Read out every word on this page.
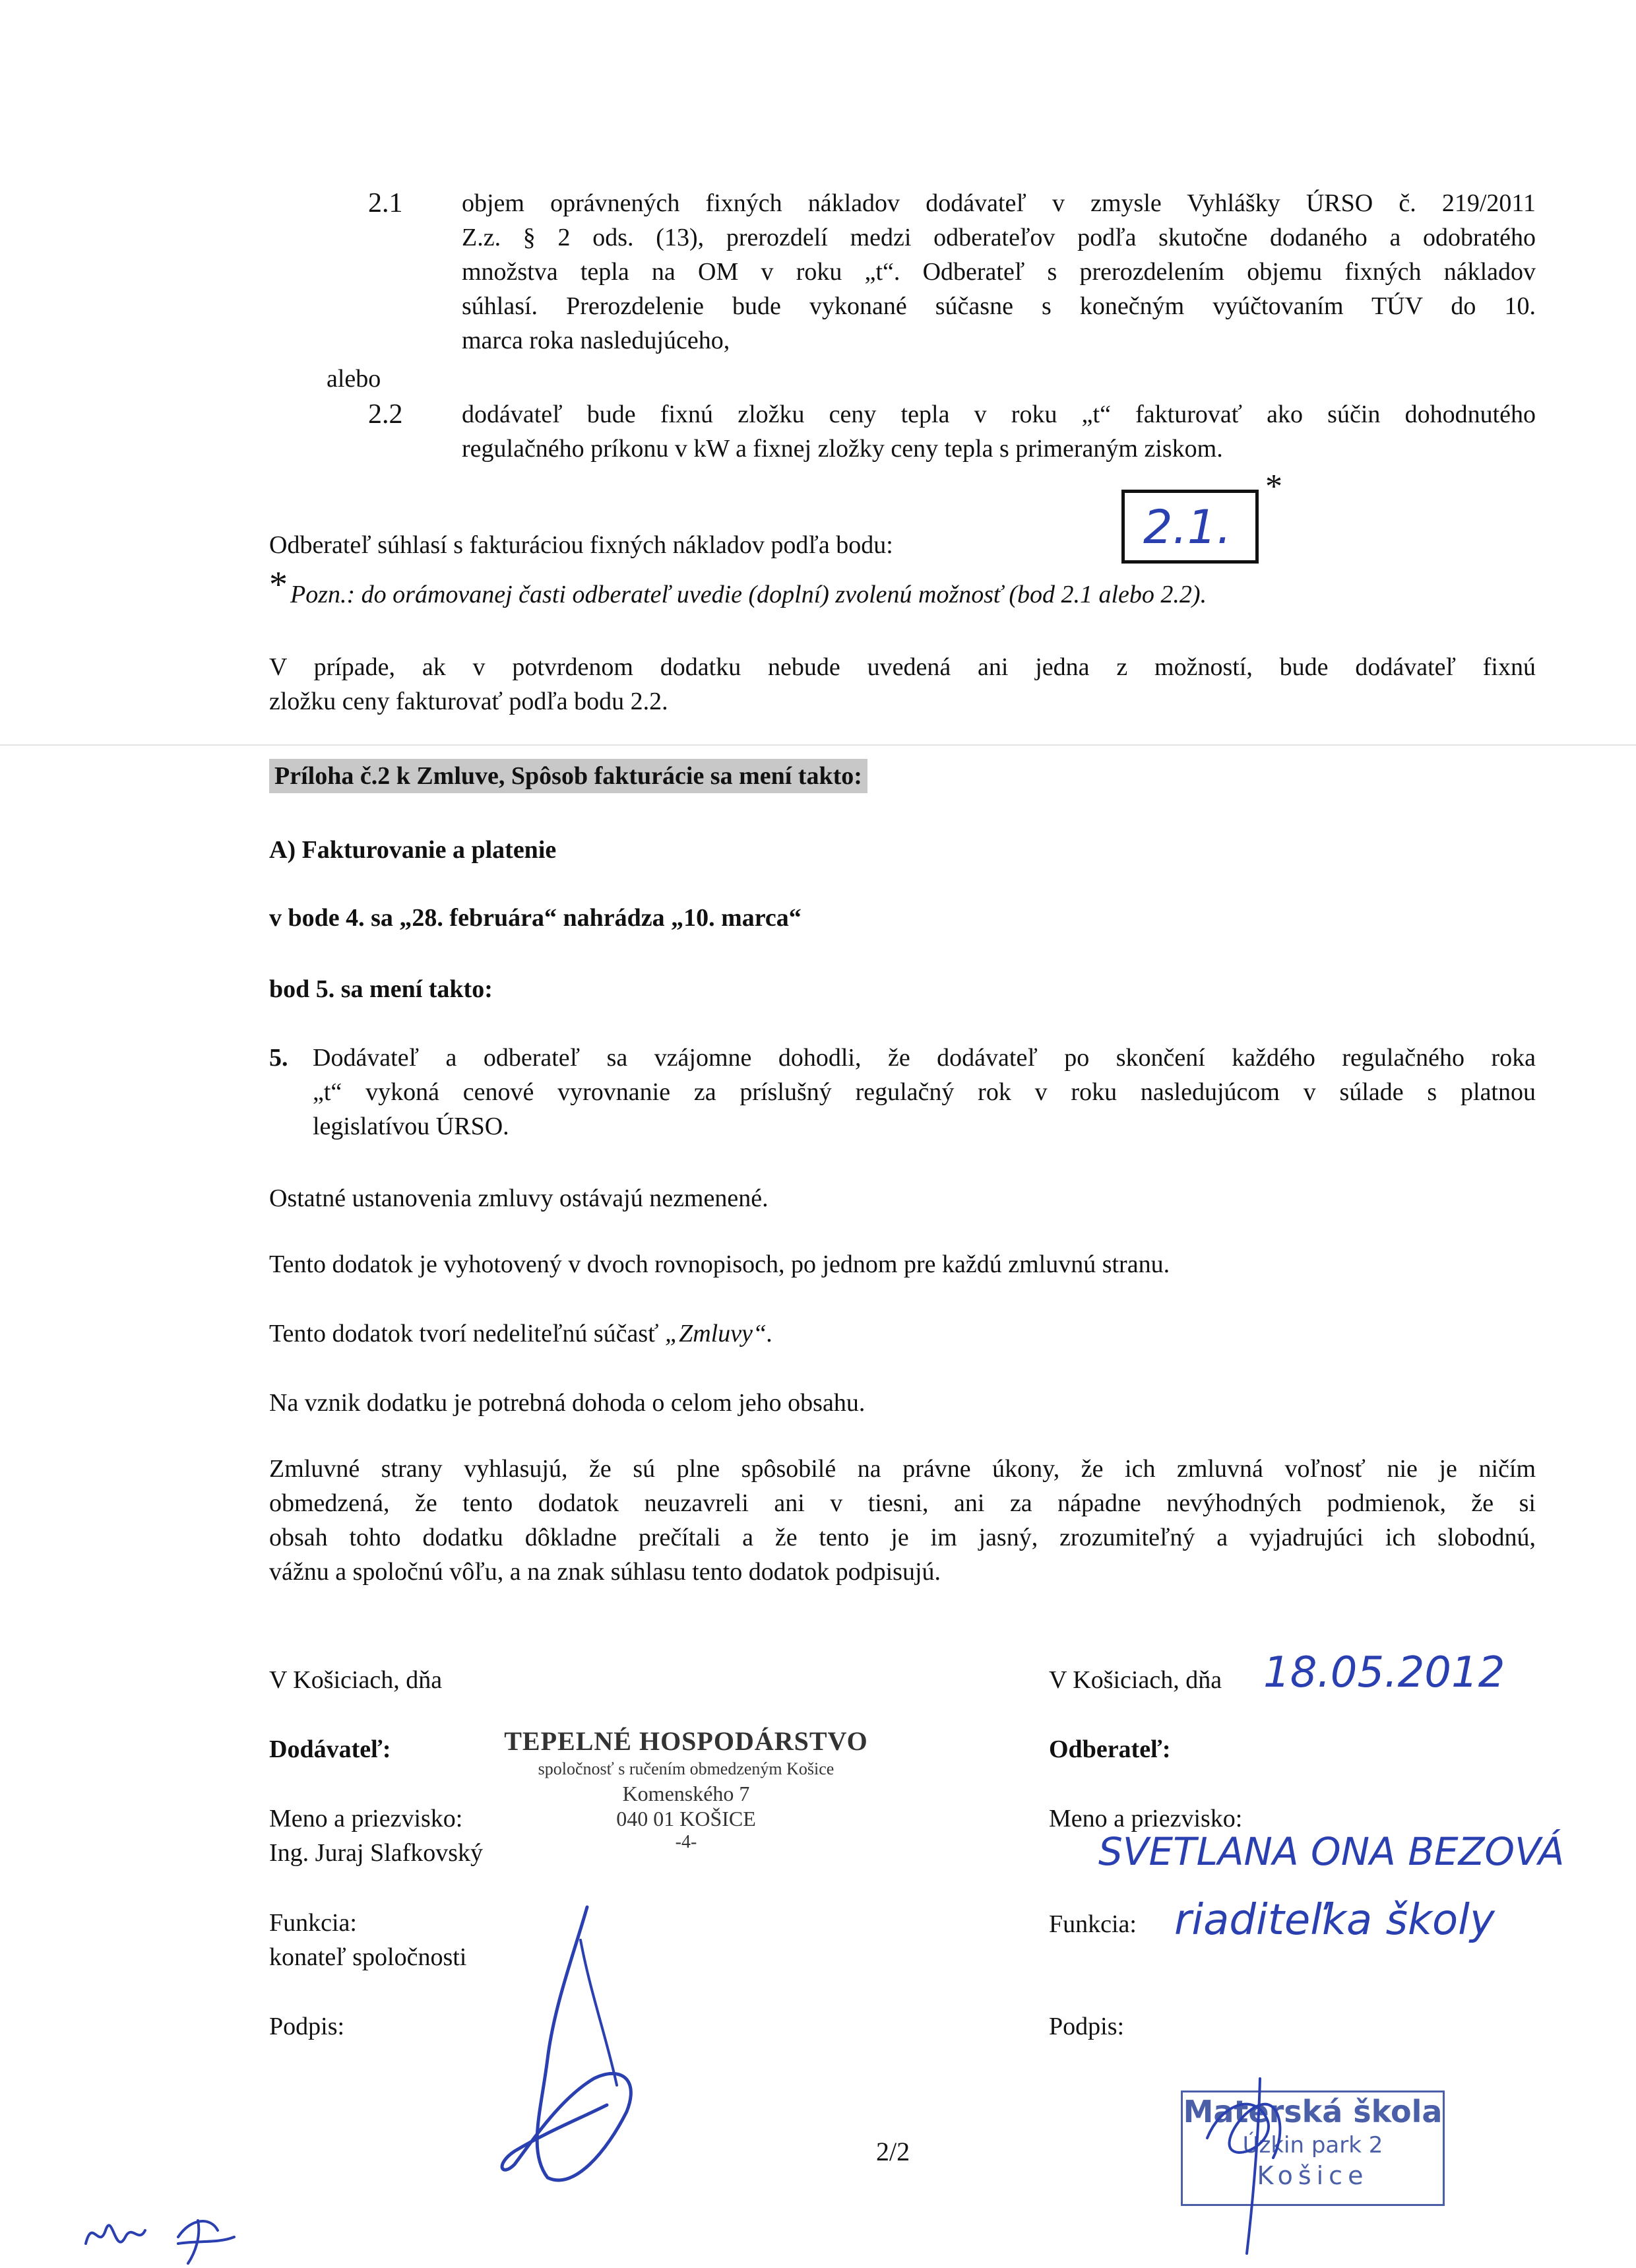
2.1 objem oprávnených fixných nákladov dodávateľ v zmysle Vyhlášky ÚRSO č. 219/2011
Z.z. § 2 ods. (13), prerozdelí medzi odberateľov podľa skutočne dodaného a odobratého
množstva tepla na OM v roku „t“. Odberateľ s prerozdelením objemu fixných nákladov
súhlasí. Prerozdelenie bude vykonané súčasne s konečným vyúčtovaním TÚV do 10.
marca roka nasledujúceho,
alebo
2.2 dodávateľ bude fixnú zložku ceny tepla v roku „t“ fakturovať ako súčin dohodnutého
regulačného príkonu v kW a fixnej zložky ceny tepla s primeraným ziskom.
Odberateľ súhlasí s fakturáciou fixných nákladov podľa bodu:	2.1.
*
* Pozn.: do orámovanej časti odberateľ uvedie (doplní) zvolenú možnosť (bod 2.1 alebo 2.2).
V prípade, ak v potvrdenom dodatku nebude uvedená ani jedna z možností, bude dodávateľ fixnú
zložku ceny fakturovať podľa bodu 2.2.
Príloha č.2 k Zmluve, Spôsob fakturácie sa mení takto:
A) Fakturovanie a platenie
v bode 4. sa „28. februára“ nahrádza „10. marca“
bod 5. sa mení takto:
5. Dodávateľ a odberateľ sa vzájomne dohodli, že dodávateľ po skončení každého regulačného roka
„t“ vykoná cenové vyrovnanie za príslušný regulačný rok v roku nasledujúcom v súlade s platnou
legislatívou ÚRSO.
Ostatné ustanovenia zmluvy ostávajú nezmenené.
Tento dodatok je vyhotovený v dvoch rovnopisoch, po jednom pre každú zmluvnú stranu.
Tento dodatok tvorí nedeliteľnú súčasť „Zmluvy“.
Na vznik dodatku je potrebná dohoda o celom jeho obsahu.
Zmluvné strany vyhlasujú, že sú plne spôsobilé na právne úkony, že ich zmluvná voľnosť nie je ničím
obmedzená, že tento dodatok neuzavreli ani v tiesni, ani za nápadne nevýhodných podmienok, že si
obsah tohto dodatku dôkladne prečítali a že tento je im jasný, zrozumiteľný a vyjadrujúci ich slobodnú,
vážnu a spoločnú vôľu, a na znak súhlasu tento dodatok podpisujú.
V Košiciach, dňa
Dodávateľ:
Meno a priezvisko:
Ing. Juraj Slafkovský
Funkcia:
konateľ spoločnosti
Podpis:
TEPELNÉ HOSPODÁRSTVO
spoločnosť s ručením obmedzeným Košice
Komenského 7
040 01 KOŠICE
-4-
V Košiciach, dňa 18.05.2012
Odberateľ:
Meno a priezvisko:
SVETLANA ONA BEZOVÁ
Funkcia: riaditeľka školy
Podpis:
Materská škola
Úzkin park 2
Košice
2/2
